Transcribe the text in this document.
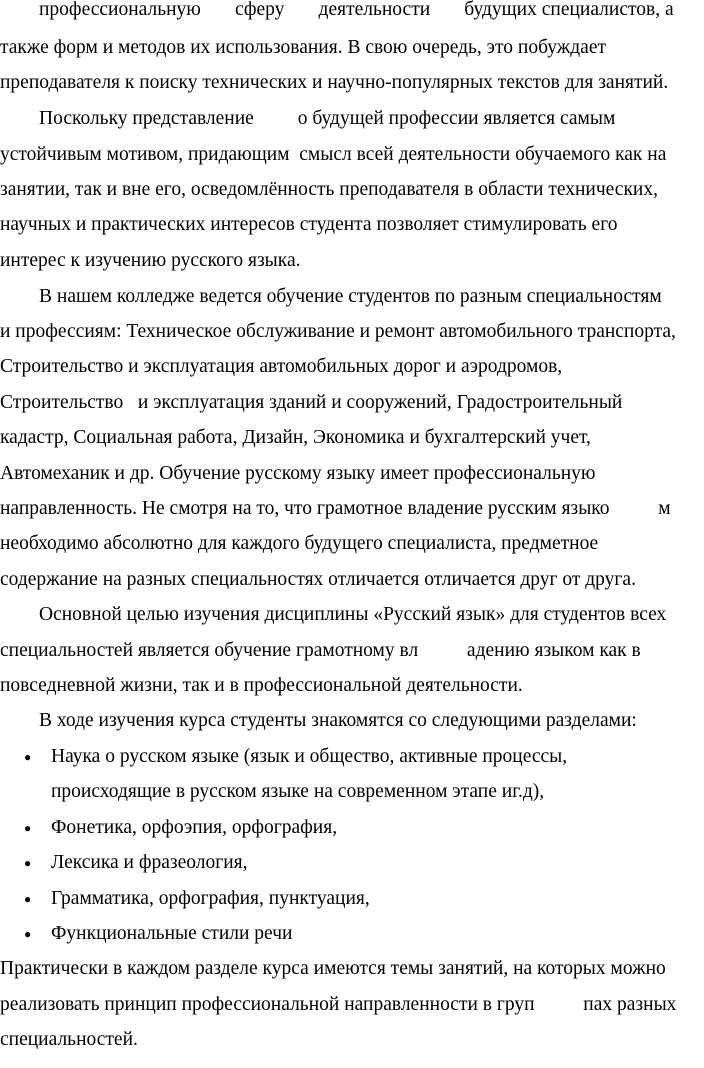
профессиональную       сферу       деятельности       будущих специалистов, а
также форм и методов их использования. В свою очередь, это побуждает
преподавателя к поиску технических и научно-популярных текстов для занятий.
Поскольку представление         о будущей профессии является самым
устойчивым мотивом, придающим  смысл всей деятельности обучаемого как на
занятии, так и вне его, осведомлённость преподавателя в области технических,
научных и практических интересов студента позволяет стимулировать его
интерес к изучению русского языка.
В нашем колледже ведется обучение студентов по разным специальностям
и профессиям: Техническое обслуживание и ремонт автомобильного транспорта,
Строительство и эксплуатация автомобильных дорог и аэродромов,
Строительство   и эксплуатация зданий и сооружений, Градостроительный
кадастр, Социальная работа, Дизайн, Экономика и бухгалтерский учет,
Автомеханик и др. Обучение русскому языку имеет профессиональную
направленность. Не смотря на то, что грамотное владение русским языко          м
необходимо абсолютно для каждого будущего специалиста, предметное
содержание на разных специальностях отличается отличается друг от друга.
Основной целью изучения дисциплины «Русский язык» для студентов всех
специальностей является обучение грамотному вл          адению языком как в
повседневной жизни, так и в профессиональной деятельности.
В ходе изучения курса студенты знакомятся со следующими разделами:
● Наука о русском языке (язык и общество, активные процессы,
происходящие в русском языке на современном этапе иг.д),
● Фонетика, орфоэпия, орфография,
● Лексика и фразеология,
● Грамматика, орфография, пунктуация,
● Функциональные стили речи
Практически в каждом разделе курса имеются темы занятий, на которых можно
реализовать принцип профессиональной направленности в груп          пах разных
специальностей.
